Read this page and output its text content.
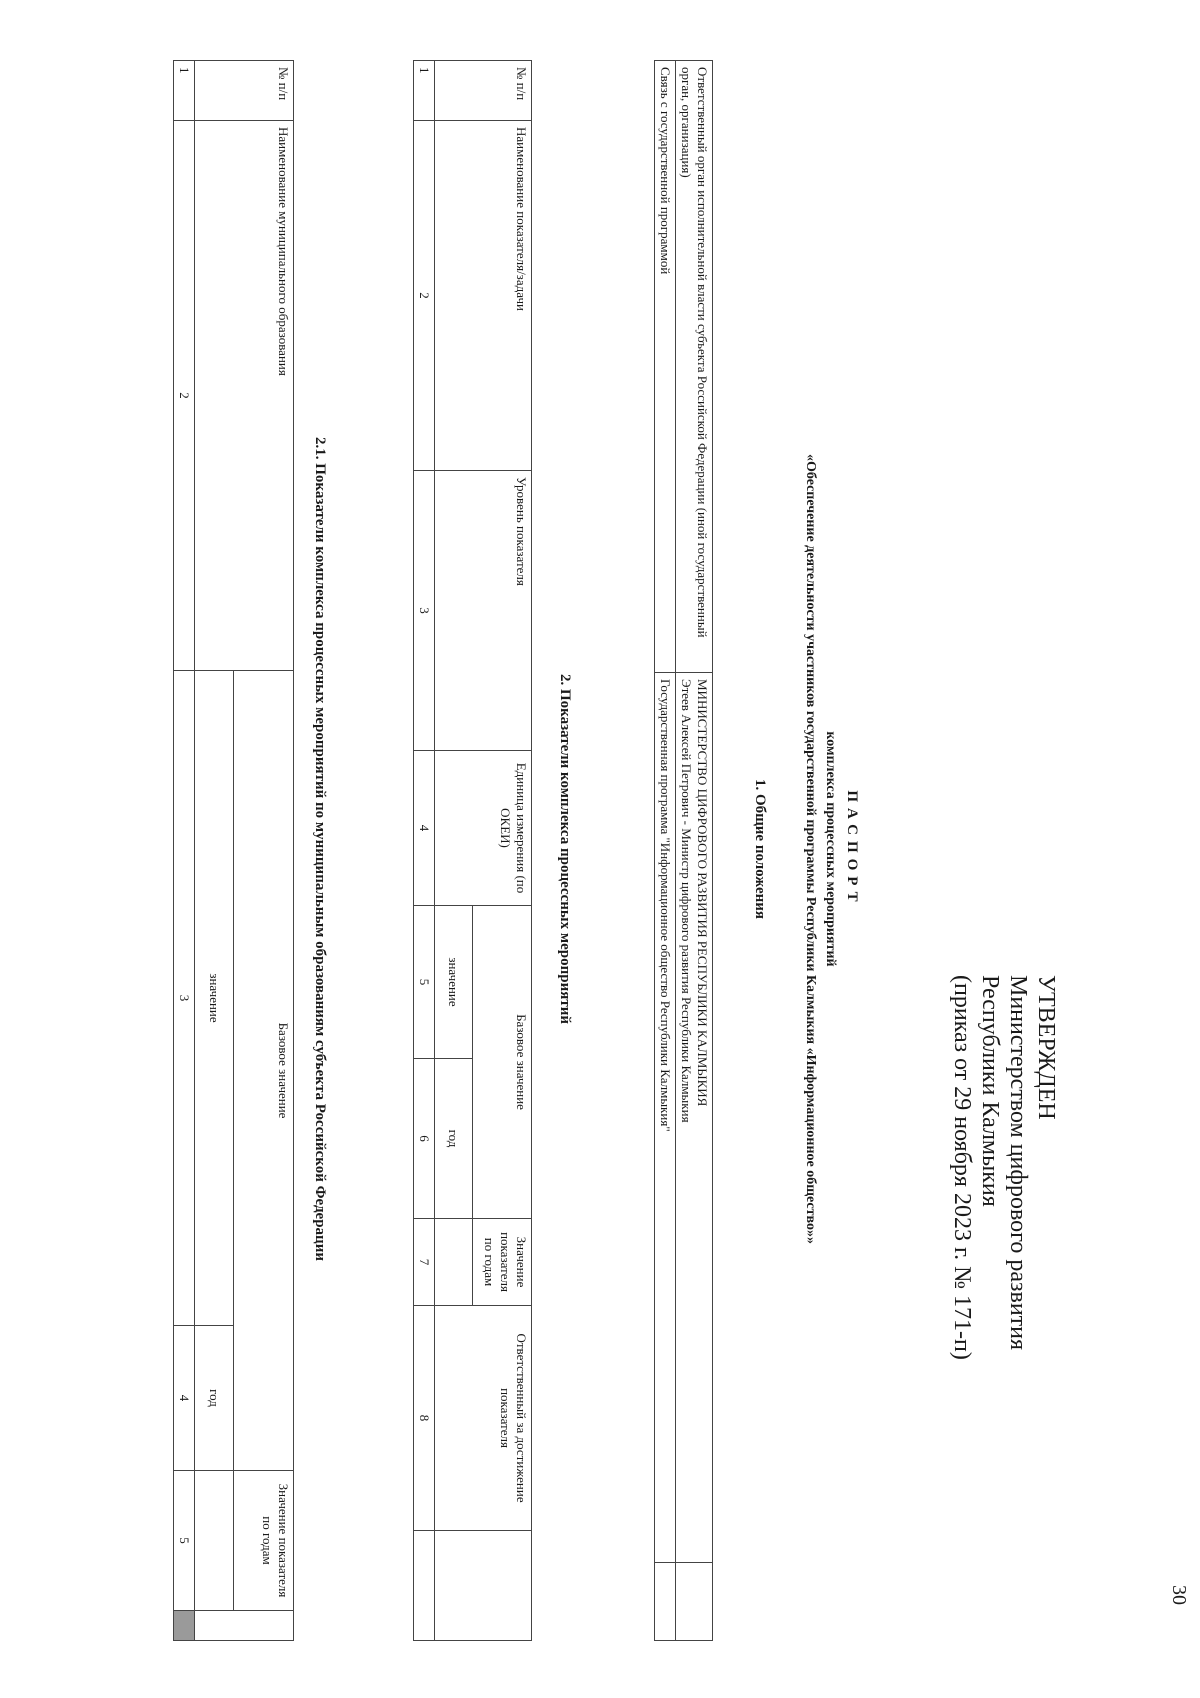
30
УТВЕРЖДЕН
Министерством цифрового развития
Республики Калмыкия
(приказ от 29 ноября 2023 г. № 171-п)
ПАСПОРТ
комплекса процессных мероприятий
«Обеспечение деятельности участников государственной программы Республики Калмыкия «Информационное общество»»
1. Общие положения
Ответственный орган исполнительной власти субъекта Российской Федерации (иной государственный орган, организация)	МИНИСТЕРСТВО ЦИФРОВОГО РАЗВИТИЯ РЕСПУБЛИКИ КАЛМЫКИЯ
Этеев Алексей Петрович - Министр цифрового развития Республики Калмыкия	

Связь с государственной программой	Государственная программа "Информационное общество Республики Калмыкия"	
2. Показатели комплекса процессных мероприятий
№ п/п	Наименование показателя/задачи	Уровень показателя	Единица измерения (по ОКЕИ)	Базовое значение		Значение показателя по годам	Ответственный за достижение показателя	
				значение	год			
1	2	3	4	5	6	7	8	
2.1. Показатели комплекса процессных мероприятий по муниципальным образованиям субъекта Российской Федерации
№ п/п	Наименование муниципального образования	Базовое значение		Значение показателя по годам	
		значение	год		
1	2	3	4	5	
